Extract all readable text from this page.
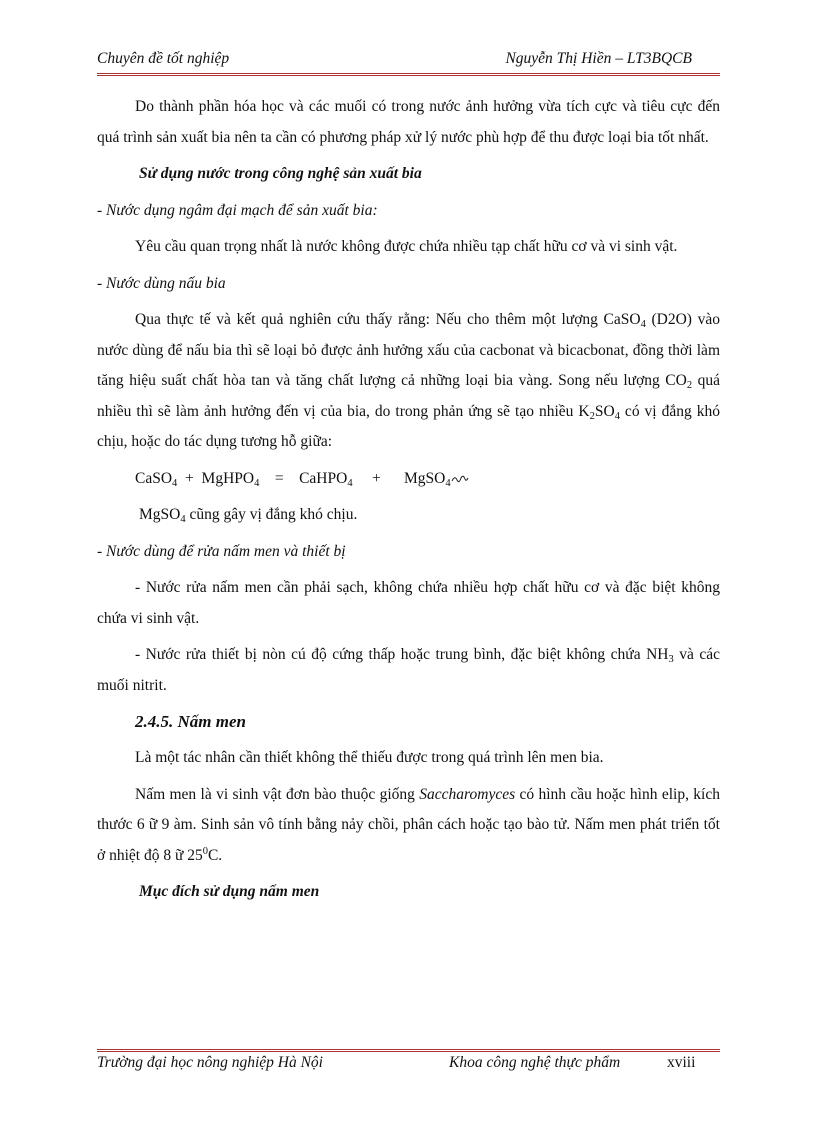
Chuyên đề tốt nghiệp	Nguyễn Thị Hiền – LT3BQCB

Do thành phần hóa học và các muối có trong nước ảnh hưởng vừa tích cực và tiêu cực đến quá trình sản xuất bia nên ta cần có phương pháp xử lý nước phù hợp để thu được loại bia tốt nhất.

Sử dụng nước trong công nghệ sản xuất bia

- Nước dụng ngâm đại mạch để sản xuất bia:

Yêu cầu quan trọng nhất là nước không được chứa nhiều tạp chất hữu cơ và vi sinh vật.

- Nước dùng nấu bia

Qua thực tế và kết quả nghiên cứu thấy rằng: Nếu cho thêm một lượng CaSO$_4$ (D2O) vào nước dùng để nấu bia thì sẽ loại bỏ được ảnh hưởng xấu của cacbonat và bicacbonat, đồng thời làm tăng hiệu suất chất hòa tan và tăng chất lượng cả những loại bia vàng. Song nếu lượng $CO_2$ quá nhiều thì sẽ làm ảnh hưởng đến vị của bia, do trong phản ứng sẽ tạo nhiều $K_2SO_4$ có vị đắng khó chịu, hoặc do tác dụng tương hỗ giữa:

CaSO$_4$ + MgHPO$_4$ = CaHPO$_4$ + MgSO$_4$

MgSO$_4$ cũng gây vị đắng khó chịu.

- Nước dùng để rửa nấm men và thiết bị

- Nước rửa nấm men cần phải sạch, không chứa nhiều hợp chất hữu cơ và đặc biệt không chứa vi sinh vật.

- Nước rửa thiết bị nòn cú độ cứng thấp hoặc trung bình, đặc biệt không chứa $NH_3$ và các muối nitrit.

2.4.5. Nấm men

Là một tác nhân cần thiết không thể thiếu được trong quá trình lên men bia.

Nấm men là vi sinh vật đơn bào thuộc giống Saccharomyces có hình cầu hoặc hình elip, kích thước 6 ữ 9 àm. Sinh sản vô tính bằng nảy chồi, phân cách hoặc tạo bào tử. Nấm men phát triển tốt ở nhiệt độ 8 ữ $25^0C$.

Mục đích sử dụng nấm men

Trường đại học nông nghiệp Hà Nội	Khoa công nghệ thực phẩm	xviii
